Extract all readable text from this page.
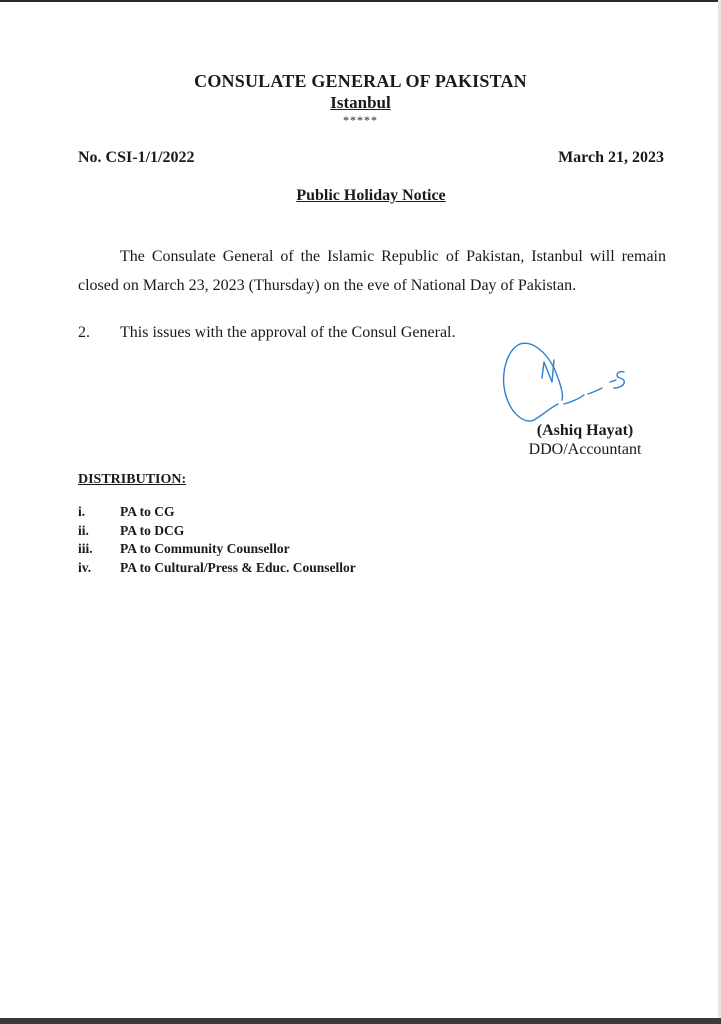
CONSULATE GENERAL OF PAKISTAN
Istanbul
*****
No. CSI-1/1/2022	March 21, 2023
Public Holiday Notice
The Consulate General of the Islamic Republic of Pakistan, Istanbul will remain closed on March 23, 2023 (Thursday) on the eve of National Day of Pakistan.
2. This issues with the approval of the Consul General.
(Ashiq Hayat)
DDO/Accountant
DISTRIBUTION:
i.	PA to CG
ii.	PA to DCG
iii.	PA to Community Counsellor
iv.	PA to Cultural/Press & Educ. Counsellor
